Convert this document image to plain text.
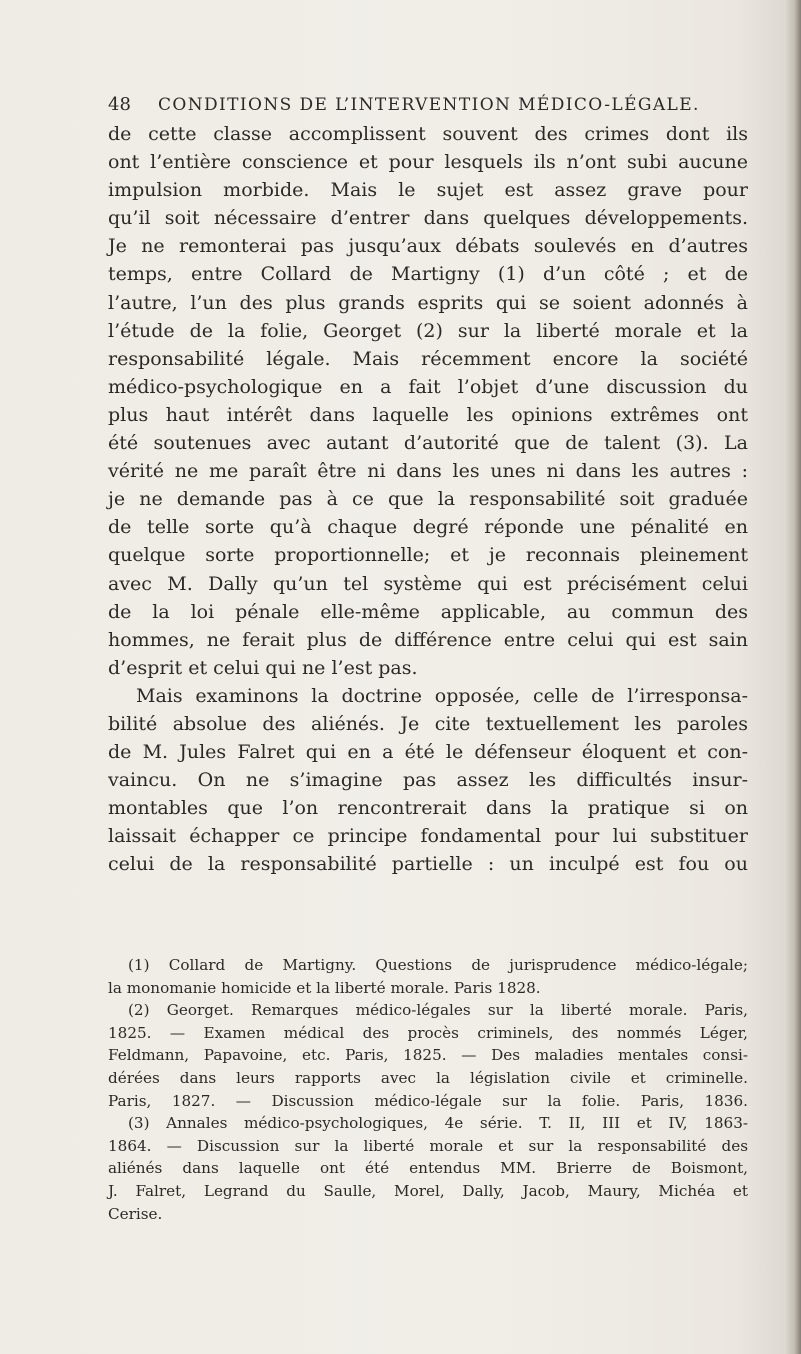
48 CONDITIONS DE L’INTERVENTION MÉDICO-LÉGALE.
de cette classe accomplissent souvent des crimes dont ils
ont l’entière conscience et pour lesquels ils n’ont subi aucune
impulsion morbide. Mais le sujet est assez grave pour
qu’il soit nécessaire d’entrer dans quelques développements.
Je ne remonterai pas jusqu’aux débats soulevés en d’autres
temps, entre Collard de Martigny (1) d’un côté ; et de
l’autre, l’un des plus grands esprits qui se soient adonnés à
l’étude de la folie, Georget (2) sur la liberté morale et la
responsabilité légale. Mais récemment encore la société
médico-psychologique en a fait l’objet d’une discussion du
plus haut intérêt dans laquelle les opinions extrêmes ont
été soutenues avec autant d’autorité que de talent (3). La
vérité ne me paraît être ni dans les unes ni dans les autres :
je ne demande pas à ce que la responsabilité soit graduée
de telle sorte qu’à chaque degré réponde une pénalité en
quelque sorte proportionnelle; et je reconnais pleinement
avec M. Dally qu’un tel système qui est précisément celui
de la loi pénale elle-même applicable, au commun des
hommes, ne ferait plus de différence entre celui qui est sain
d’esprit et celui qui ne l’est pas.
Mais examinons la doctrine opposée, celle de l’irresponsa-
bilité absolue des aliénés. Je cite textuellement les paroles
de M. Jules Falret qui en a été le défenseur éloquent et con-
vaincu. On ne s’imagine pas assez les difficultés insur-
montables que l’on rencontrerait dans la pratique si on
laissait échapper ce principe fondamental pour lui substituer
celui de la responsabilité partielle : un inculpé est fou ou
(1) Collard de Martigny. Questions de jurisprudence médico-légale;
la monomanie homicide et la liberté morale. Paris 1828.
(2) Georget. Remarques médico-légales sur la liberté morale. Paris,
1825. — Examen médical des procès criminels, des nommés Léger,
Feldmann, Papavoine, etc. Paris, 1825. — Des maladies mentales consi-
dérées dans leurs rapports avec la législation civile et criminelle.
Paris, 1827. — Discussion médico-légale sur la folie. Paris, 1836.
(3) Annales médico-psychologiques, 4e série. T. II, III et IV, 1863-
1864. — Discussion sur la liberté morale et sur la responsabilité des
aliénés dans laquelle ont été entendus MM. Brierre de Boismont,
J. Falret, Legrand du Saulle, Morel, Dally, Jacob, Maury, Michéa et
Cerise.
